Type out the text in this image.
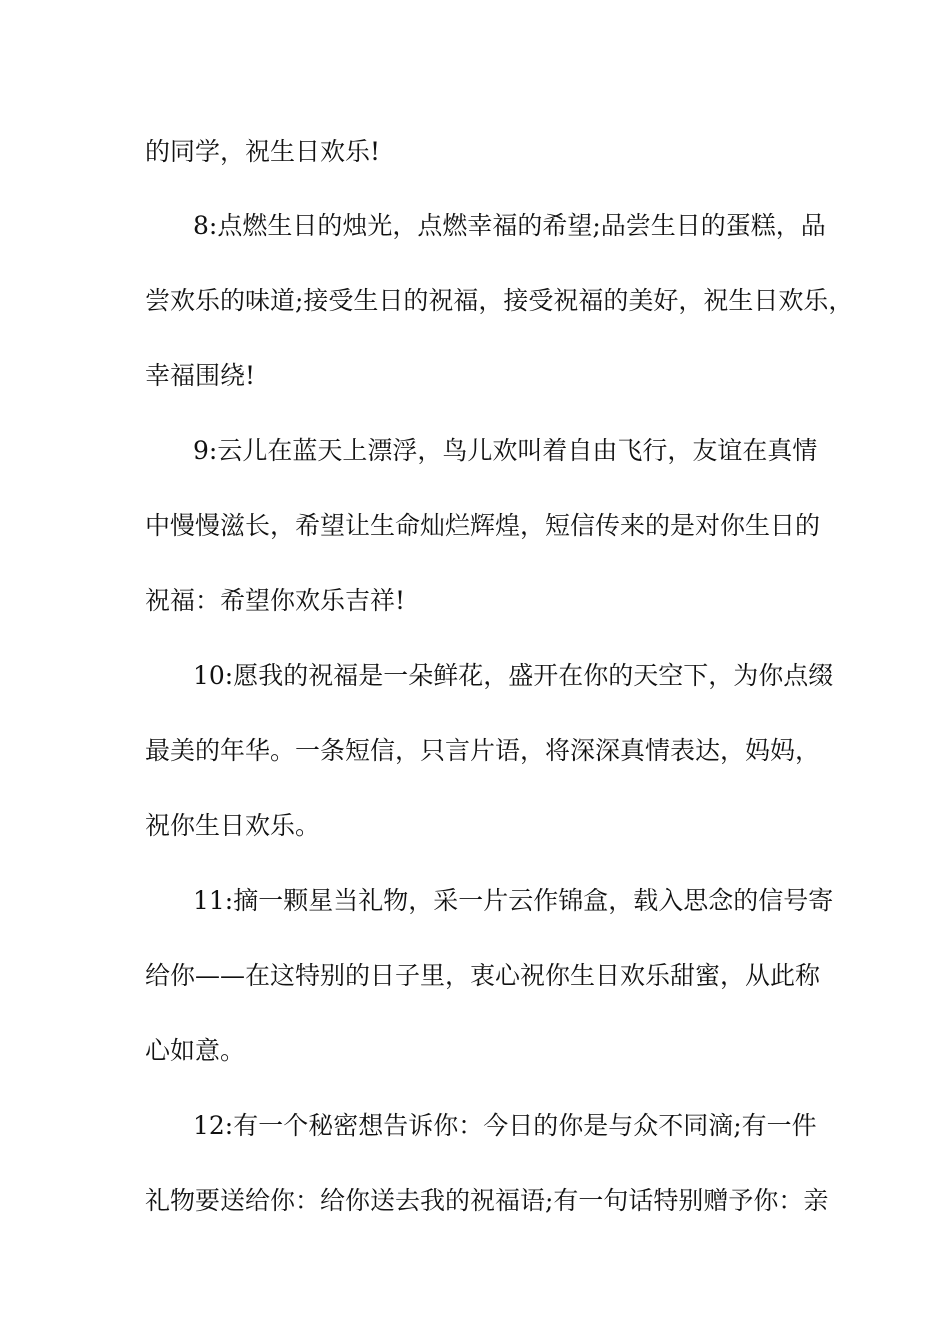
的同学，祝生日欢乐!
8:点燃生日的烛光，点燃幸福的希望;品尝生日的蛋糕，品
尝欢乐的味道;接受生日的祝福，接受祝福的美好，祝生日欢乐，
幸福围绕!
9:云儿在蓝天上漂浮，鸟儿欢叫着自由飞行，友谊在真情
中慢慢滋长，希望让生命灿烂辉煌，短信传来的是对你生日的
祝福：希望你欢乐吉祥!
10:愿我的祝福是一朵鲜花，盛开在你的天空下，为你点缀
最美的年华。一条短信，只言片语，将深深真情表达，妈妈，
祝你生日欢乐。
11:摘一颗星当礼物，采一片云作锦盒，载入思念的信号寄
给你——在这特别的日子里，衷心祝你生日欢乐甜蜜，从此称
心如意。
12:有一个秘密想告诉你：今日的你是与众不同滴;有一件
礼物要送给你：给你送去我的祝福语;有一句话特别赠予你：亲
